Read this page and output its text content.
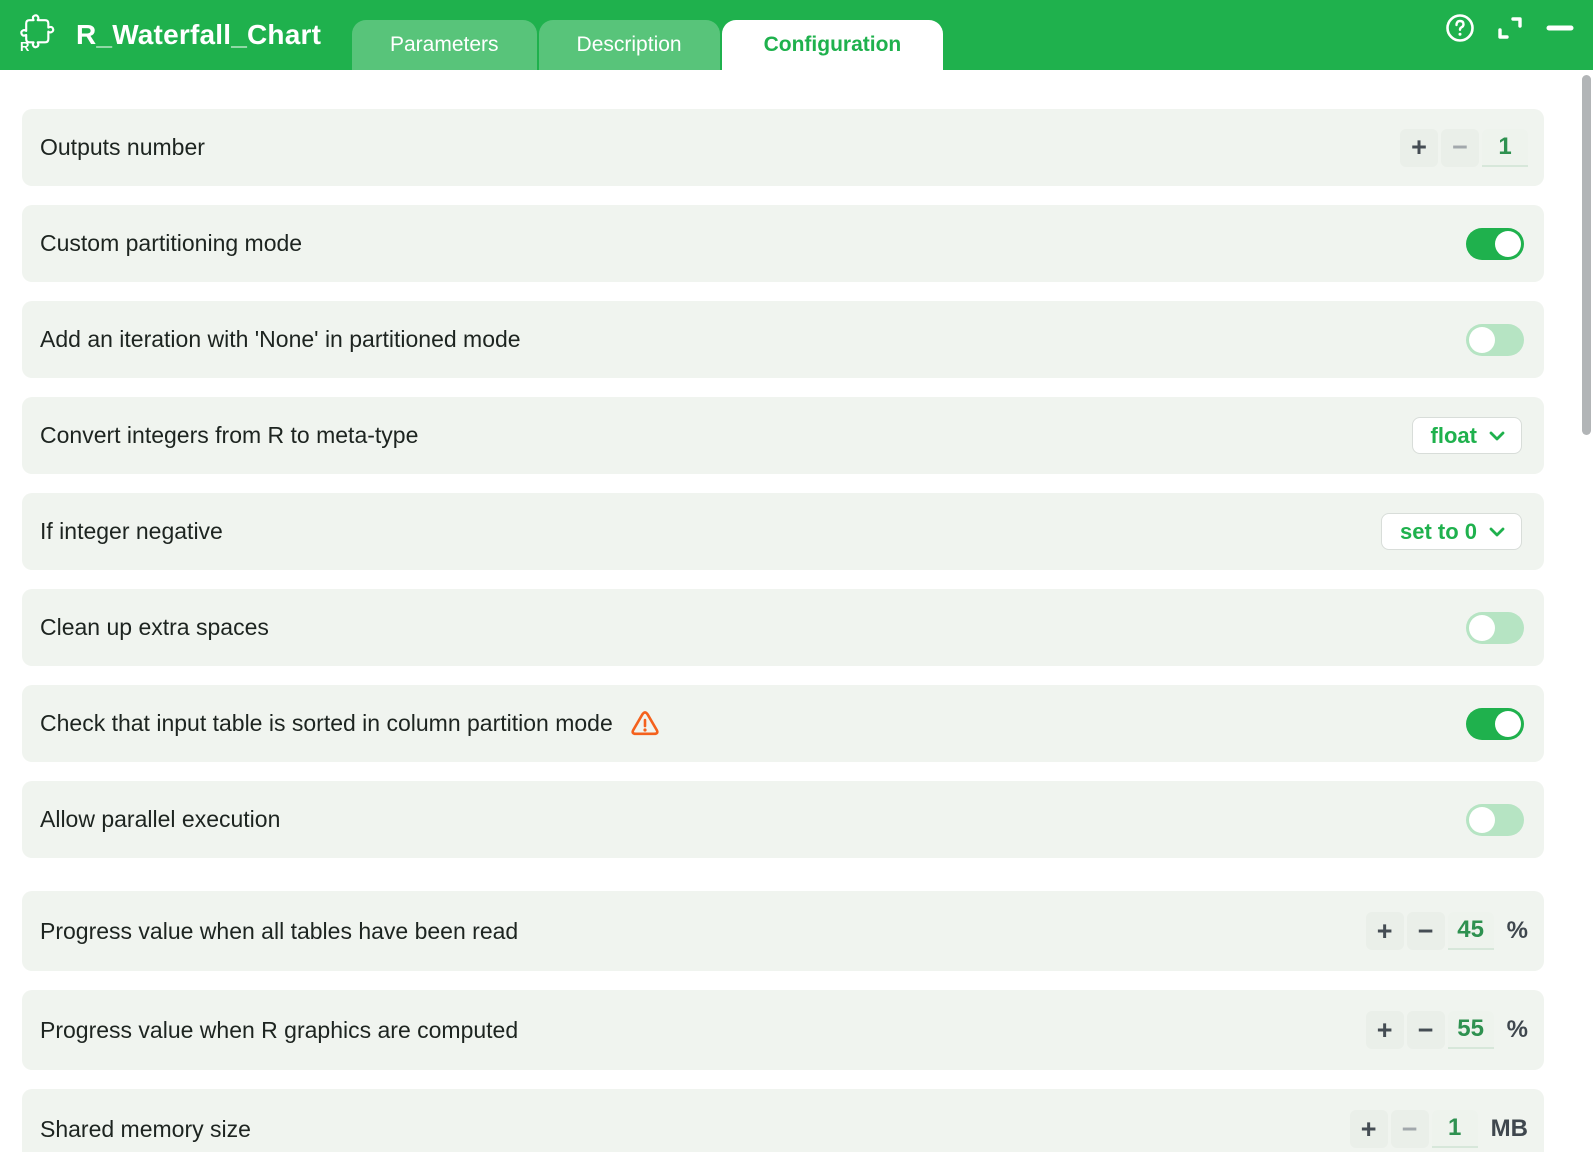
R R_Waterfall_Chart	Parameters	Description	Configuration
Outputs number	+ −	1
Custom partitioning mode
Add an iteration with 'None' in partitioned mode
Convert integers from R to meta-type	float
If integer negative	set to 0
Clean up extra spaces
Check that input table is sorted in column partition mode
Allow parallel execution
Progress value when all tables have been read	+ − 45 %
Progress value when R graphics are computed	+ − 55 %
Shared memory size	+ −	1	MB
